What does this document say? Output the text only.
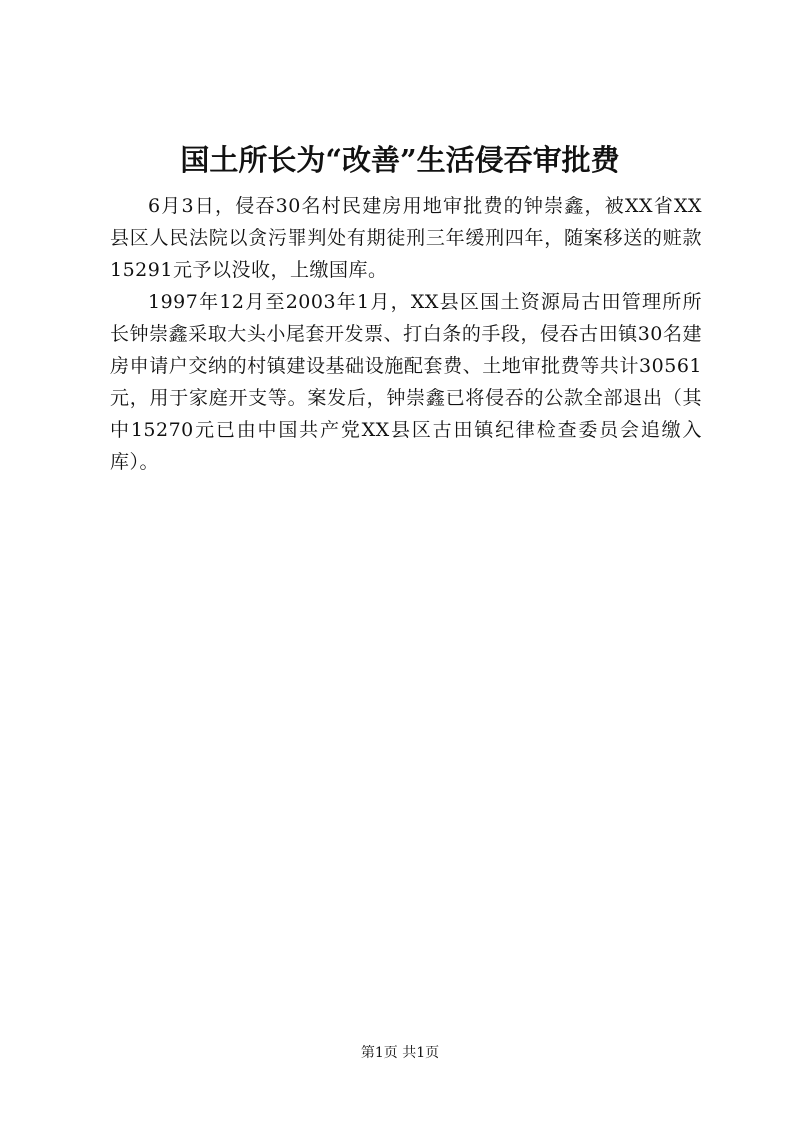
国土所长为“改善”生活侵吞审批费

6月3日，侵吞30名村民建房用地审批费的钟崇鑫，被XX省XX县区人民法院以贪污罪判处有期徒刑三年缓刑四年，随案移送的赃款15291元予以没收，上缴国库。

1997年12月至2003年1月，XX县区国土资源局古田管理所所长钟崇鑫采取大头小尾套开发票、打白条的手段，侵吞古田镇30名建房申请户交纳的村镇建设基础设施配套费、土地审批费等共计30561元，用于家庭开支等。案发后，钟崇鑫已将侵吞的公款全部退出（其中15270元已由中国共产党XX县区古田镇纪律检查委员会追缴入库）。

第1页 共1页
